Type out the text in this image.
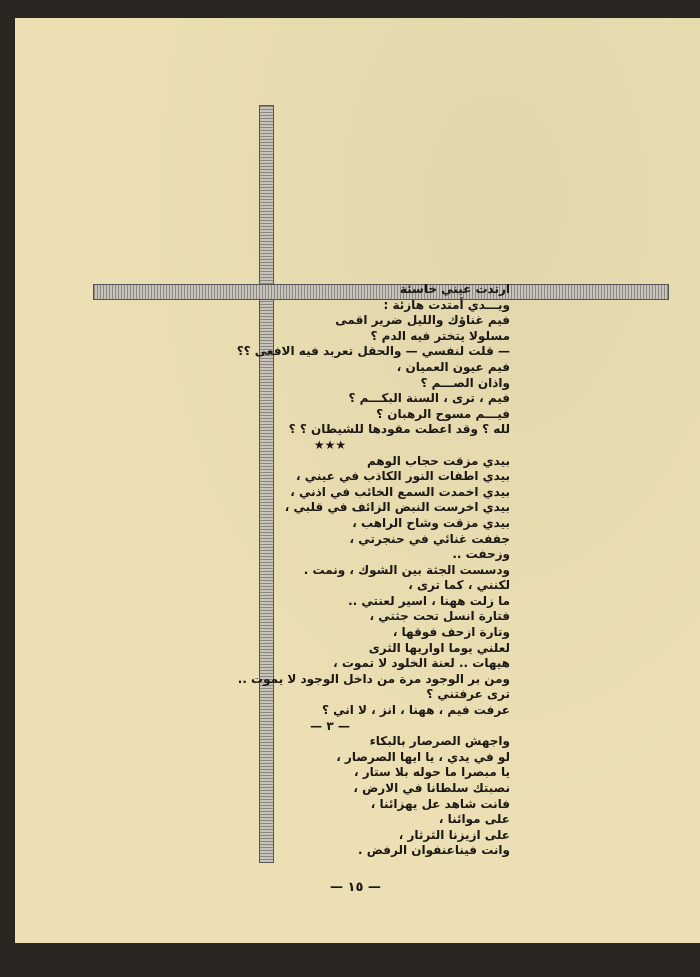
ارتدت عيني خاسئة
ويـــدي أمتدت هازئة :
فيم غناؤك والليل ضرير اقمى
مسلولا يتختر فيه الدم ؟
— قلت لنفسي — والحقل تعربد فيه الافعى ؟؟
فيم عيون العميان ،
واذان الصـــم ؟
فيم ، ترى ، السنة البكـــم ؟
فيـــم مسوح الرهبان ؟
لله ؟ وقد اعطت مقودها للشيطان ؟ ؟
★★★
بيدي مزقت حجاب الوهم
بيدي اطفات النور الكاذب في عيني ،
بيدي اخمدت السمع الخائب في اذني ،
بيدي اخرست النبض الزائف في قلبي ،
بيدي مزقت وشاح الراهب ،
جففت غنائي في حنجرتي ،
وزحفت ..
ودسست الجثة بين الشوك ، ونمت .
لكنني ، كما ترى ،
ما زلت ههنا ، اسير لعنتي ..
فتارة انسل تحت جثتي ،
وتارة ازحف فوقها ،
لعلني يوما اواريها الثرى
هيهات .. لعنة الخلود لا تموت ،
ومن بر الوجود مرة من داخل الوجود لا يموت ..
ترى عرفتني ؟
عرفت فيم ، ههنا ، انز ، لا اني ؟
— ٣ —
واجهش الصرصار بالبكاء
لو في يدي ، يا ايها الصرصار ،
يا مبصرا ما حوله بلا ستار ،
نصبتك سلطانا في الارض ،
فانت شاهد عل يهزائنا ،
على موائنا ،
على ازيزنا الثرثار ،
وانت فيناعنفوان الرفض .
— ١٥ —
